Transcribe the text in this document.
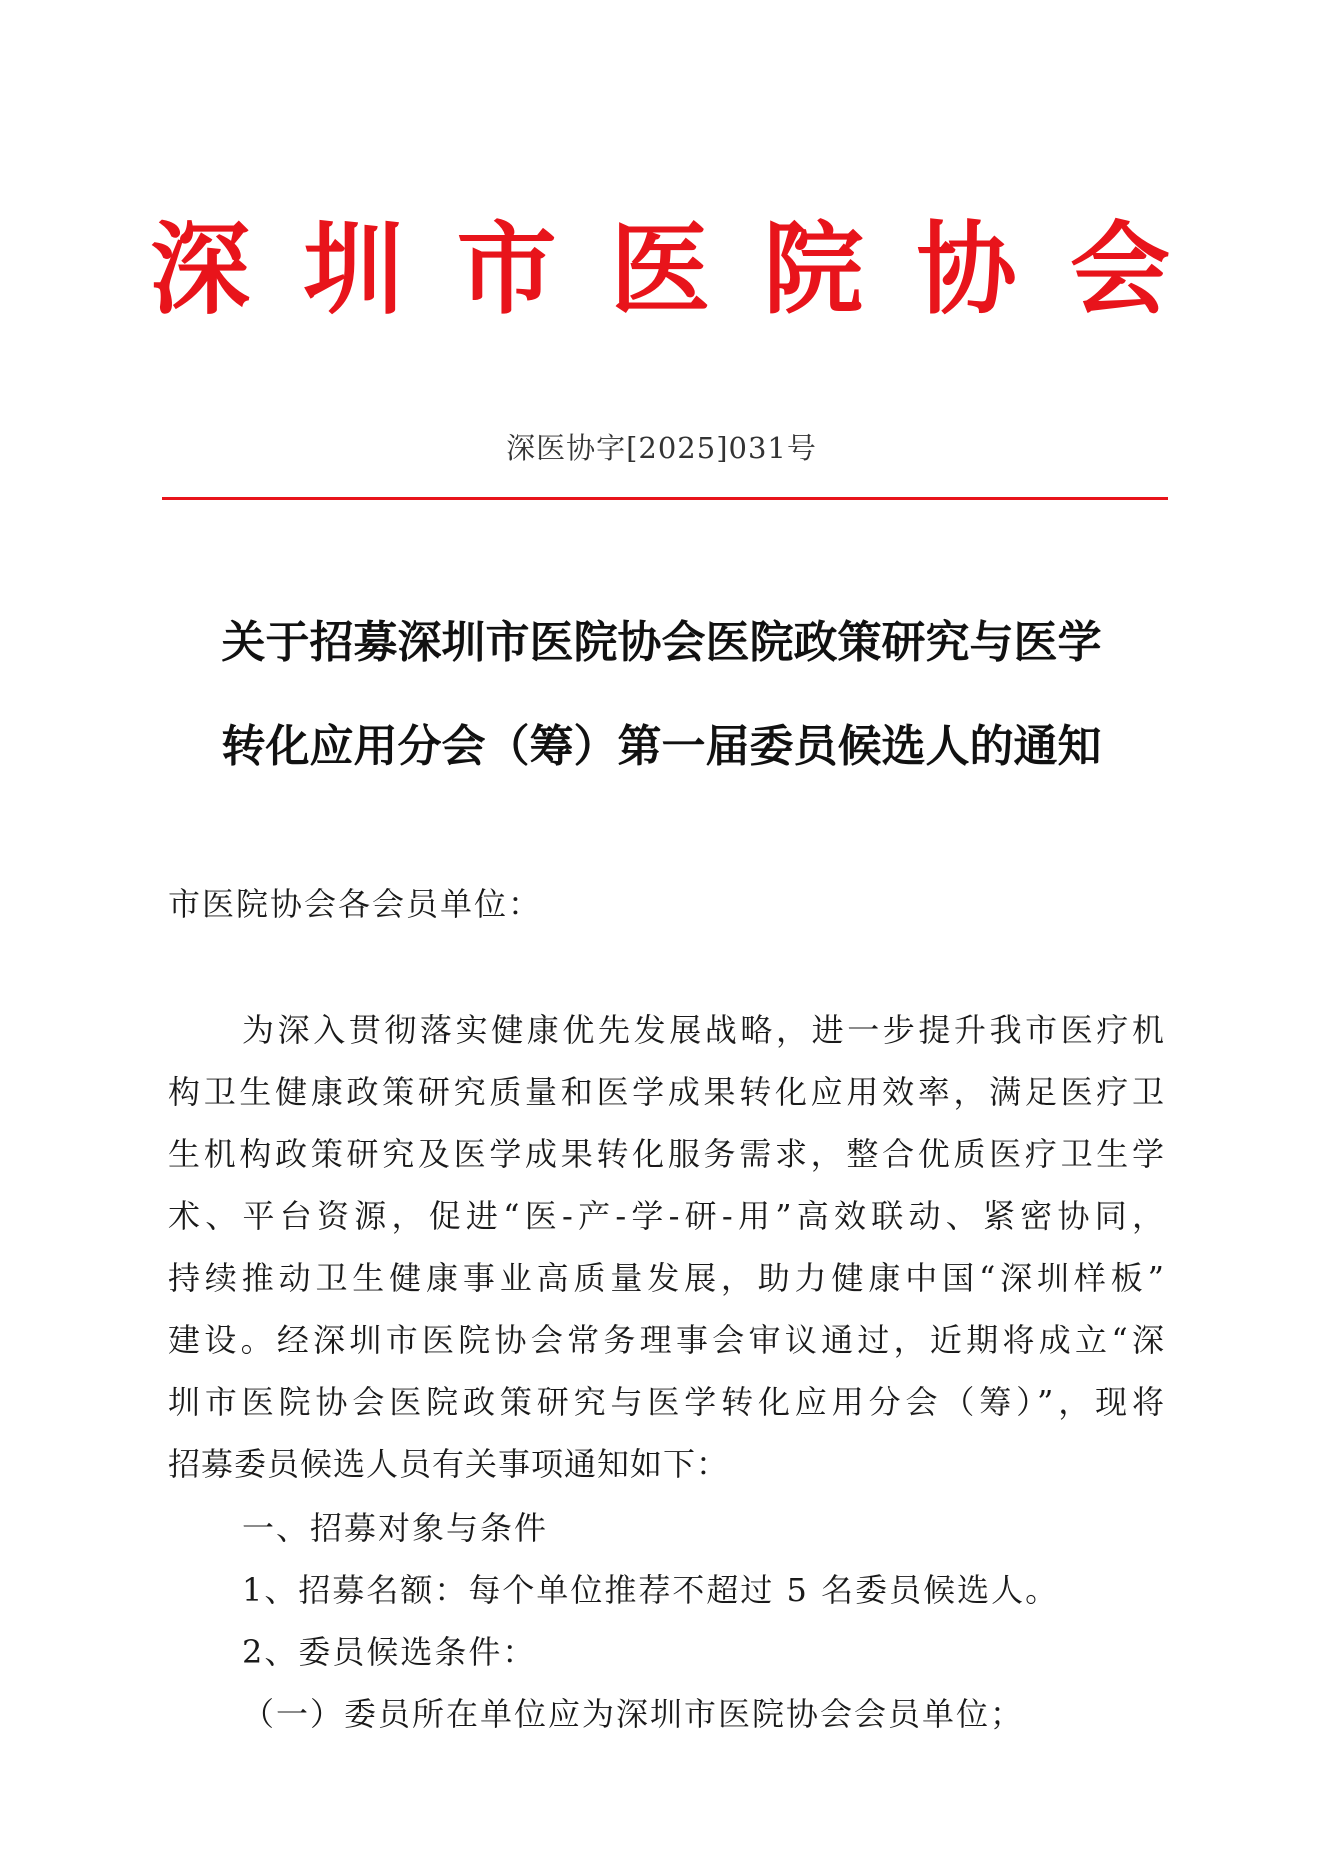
深 圳 市 医 院 协 会
深医协字[2025]031号
关于招募深圳市医院协会医院政策研究与医学
转化应用分会（筹）第一届委员候选人的通知
市医院协会各会员单位：
为深入贯彻落实健康优先发展战略，进一步提升我市医疗机
构卫生健康政策研究质量和医学成果转化应用效率，满足医疗卫
生机构政策研究及医学成果转化服务需求，整合优质医疗卫生学
术、平台资源，促进“医-产-学-研-用”高效联动、紧密协同，
持续推动卫生健康事业高质量发展，助力健康中国“深圳样板”
建设。经深圳市医院协会常务理事会审议通过，近期将成立“深
圳市医院协会医院政策研究与医学转化应用分会（筹）”，现将
招募委员候选人员有关事项通知如下：
一、招募对象与条件
1、招募名额：每个单位推荐不超过 5 名委员候选人。
2、委员候选条件：
（一）委员所在单位应为深圳市医院协会会员单位；
